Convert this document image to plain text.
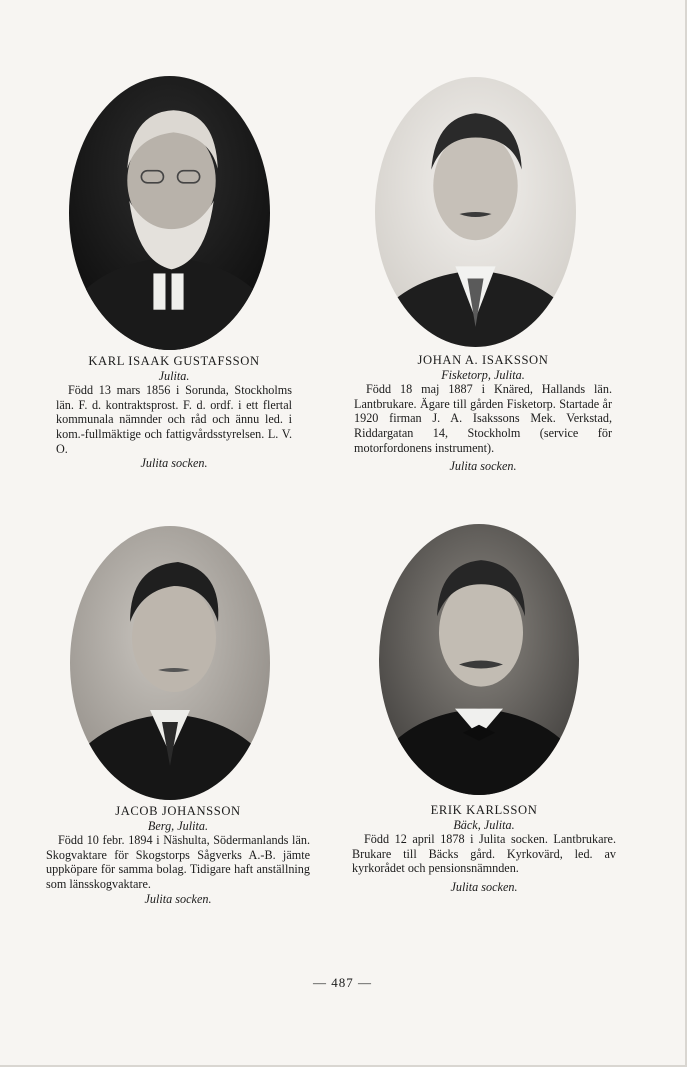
KARL ISAAK GUSTAFSSON
Julita.
Född 13 mars 1856 i Sorunda, Stockholms län. F. d. kontraktsprost. F. d. ordf. i ett flertal kommunala nämnder och råd och ännu led. i kom.-fullmäktige och fattigvårdsstyrelsen. L. V. O.
Julita socken.
JOHAN A. ISAKSSON
Fisketorp, Julita.
Född 18 maj 1887 i Knäred, Hallands län. Lantbrukare. Ägare till gården Fisketorp. Startade år 1920 firman J. A. Isakssons Mek. Verkstad, Riddargatan 14, Stockholm (service för motorfordonens instrument).
Julita socken.
JACOB JOHANSSON
Berg, Julita.
Född 10 febr. 1894 i Näshulta, Södermanlands län. Skogvaktare för Skogstorps Sågverks A.-B. jämte uppköpare för samma bolag. Tidigare haft anställning som länsskogvaktare.
Julita socken.
ERIK KARLSSON
Bäck, Julita.
Född 12 april 1878 i Julita socken. Lantbrukare. Brukare till Bäcks gård. Kyrkovärd, led. av kyrkorådet och pensionsnämnden.
Julita socken.
— 487 —
